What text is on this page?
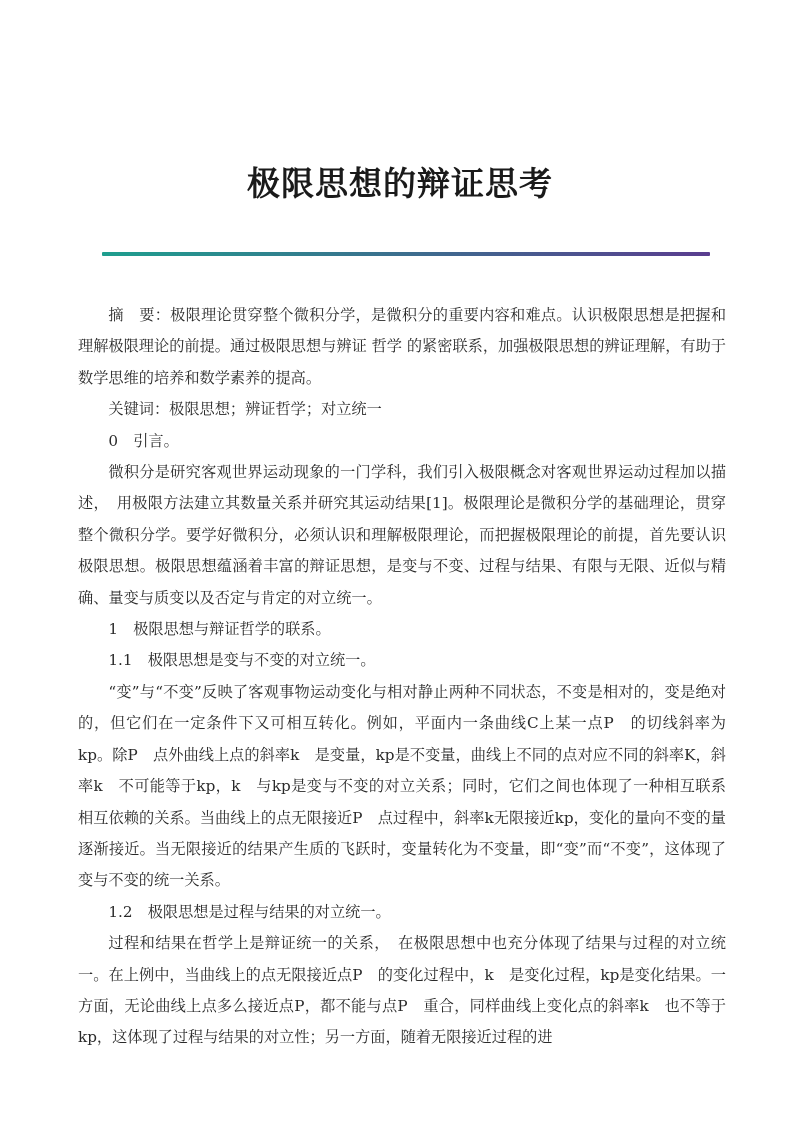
极限思想的辩证思考

摘　要：极限理论贯穿整个微积分学，是微积分的重要内容和难点。认识极限思想是把握和理解极限理论的前提。通过极限思想与辨证 哲学 的紧密联系，加强极限思想的辨证理解，有助于数学思维的培养和数学素养的提高。

关键词：极限思想；辨证哲学；对立统一

0　引言。

微积分是研究客观世界运动现象的一门学科，我们引入极限概念对客观世界运动过程加以描述，　用极限方法建立其数量关系并研究其运动结果[1]。极限理论是微积分学的基础理论，贯穿整个微积分学。要学好微积分，必须认识和理解极限理论，而把握极限理论的前提，首先要认识极限思想。极限思想蕴涵着丰富的辩证思想，是变与不变、过程与结果、有限与无限、近似与精确、量变与质变以及否定与肯定的对立统一。

1　极限思想与辩证哲学的联系。

1.1　极限思想是变与不变的对立统一。

“变”与“不变”反映了客观事物运动变化与相对静止两种不同状态，不变是相对的，变是绝对的，但它们在一定条件下又可相互转化。例如，平面内一条曲线C上某一点P　的切线斜率为kp。除P　点外曲线上点的斜率k　是变量，kp是不变量，曲线上不同的点对应不同的斜率K，斜率k　不可能等于kp，k　与kp是变与不变的对立关系；同时，它们之间也体现了一种相互联系相互依赖的关系。当曲线上的点无限接近P　点过程中，斜率k无限接近kp，变化的量向不变的量逐渐接近。当无限接近的结果产生质的飞跃时，变量转化为不变量，即“变”而“不变”，这体现了变与不变的统一关系。

1.2　极限思想是过程与结果的对立统一。

过程和结果在哲学上是辩证统一的关系，　在极限思想中也充分体现了结果与过程的对立统一。在上例中，当曲线上的点无限接近点P　的变化过程中，k　是变化过程，kp是变化结果。一方面，无论曲线上点多么接近点P，都不能与点P　重合，同样曲线上变化点的斜率k　也不等于kp，这体现了过程与结果的对立性；另一方面，随着无限接近过程的进
